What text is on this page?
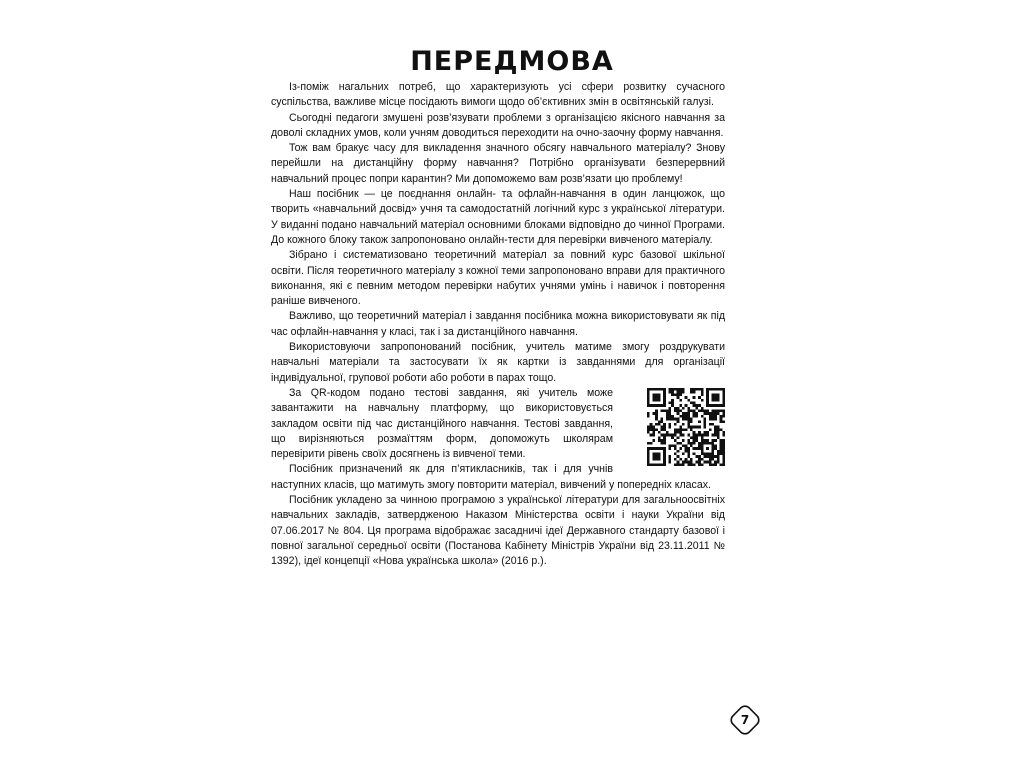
ПЕРЕДМОВА

Із-поміж нагальних потреб, що характеризують усі сфери розвитку сучасного суспільства, важливе місце посідають вимоги щодо об’єктивних змін в освітянській галузі.

Сьогодні педагоги змушені розв’язувати проблеми з організацією якісного навчання за доволі складних умов, коли учням доводиться переходити на очно-заочну форму навчання.

Тож вам бракує часу для викладення значного обсягу навчального матеріалу? Знову перейшли на дистанційну форму навчання? Потрібно організувати безперервний навчальний процес попри карантин? Ми допоможемо вам розв’язати цю проблему!

Наш посібник — це поєднання онлайн- та офлайн-навчання в один ланцюжок, що творить «навчальний досвід» учня та самодостатній логічний курс з української літератури. У виданні подано навчальний матеріал основними блоками відповідно до чинної Програми. До кожного блоку також запропоновано онлайн-тести для перевірки вивченого матеріалу.

Зібрано і систематизовано теоретичний матеріал за повний курс базової шкільної освіти. Після теоретичного матеріалу з кожної теми запропоновано вправи для практичного виконання, які є певним методом перевірки набутих учнями умінь і навичок і повторення раніше вивченого.

Важливо, що теоретичний матеріал і завдання посібника можна використовувати як під час офлайн-навчання у класі, так і за дистанційного навчання.

Використовуючи запропонований посібник, учитель матиме змогу роздрукувати навчальні матеріали та застосувати їх як картки із завданнями для організації індивідуальної, групової роботи або роботи в парах тощо.

За QR-кодом подано тестові завдання, які учитель може завантажити на навчальну платформу, що використовується закладом освіти під час дистанційного навчання. Тестові завдання, що вирізняються розмаїттям форм, допоможуть школярам перевірити рівень своїх досягнень із вивченої теми.

Посібник призначений як для п’ятикласників, так і для учнів наступних класів, що матимуть змогу повторити матеріал, вивчений у попередніх класах.

Посібник укладено за чинною програмою з української літератури для загальноосвітніх навчальних закладів, затвердженою Наказом Міністерства освіти і науки України від 07.06.2017 № 804. Ця програма відображає засадничі ідеї Державного стандарту базової і повної загальної середньої освіти (Постанова Кабінету Міністрів України від 23.11.2011 № 1392), ідеї концепції «Нова українська школа» (2016 р.).

7
